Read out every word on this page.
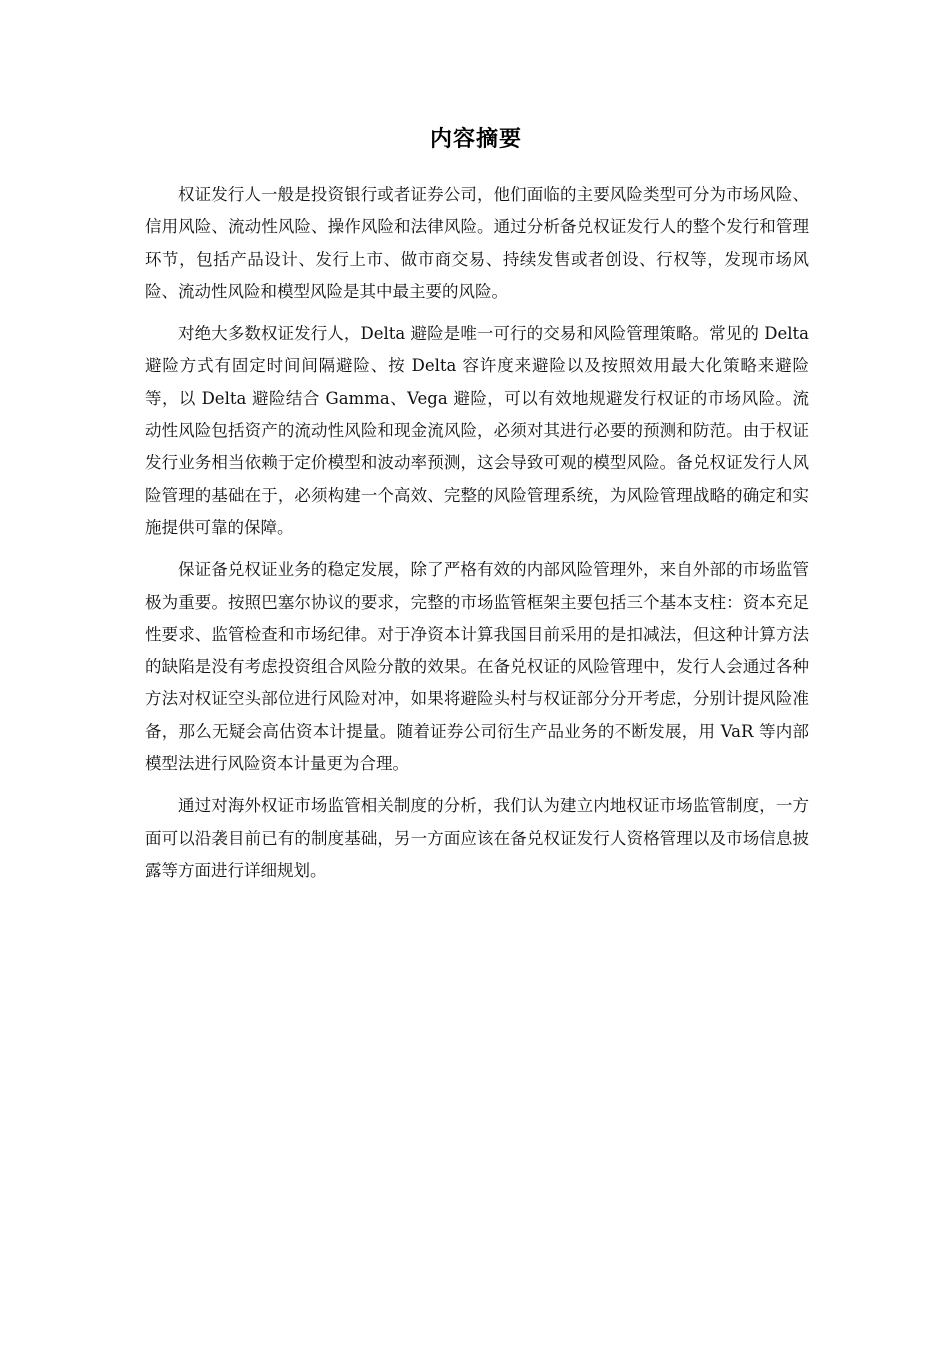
内容摘要

权证发行人一般是投资银行或者证券公司，他们面临的主要风险类型可分为市场风险、信用风险、流动性风险、操作风险和法律风险。通过分析备兑权证发行人的整个发行和管理环节，包括产品设计、发行上市、做市商交易、持续发售或者创设、行权等，发现市场风险、流动性风险和模型风险是其中最主要的风险。

对绝大多数权证发行人，Delta 避险是唯一可行的交易和风险管理策略。常见的 Delta 避险方式有固定时间间隔避险、按 Delta 容许度来避险以及按照效用最大化策略来避险等，以 Delta 避险结合 Gamma、Vega 避险，可以有效地规避发行权证的市场风险。流动性风险包括资产的流动性风险和现金流风险，必须对其进行必要的预测和防范。由于权证发行业务相当依赖于定价模型和波动率预测，这会导致可观的模型风险。备兑权证发行人风险管理的基础在于，必须构建一个高效、完整的风险管理系统，为风险管理战略的确定和实施提供可靠的保障。

保证备兑权证业务的稳定发展，除了严格有效的内部风险管理外，来自外部的市场监管极为重要。按照巴塞尔协议的要求，完整的市场监管框架主要包括三个基本支柱：资本充足性要求、监管检查和市场纪律。对于净资本计算我国目前采用的是扣减法，但这种计算方法的缺陷是没有考虑投资组合风险分散的效果。在备兑权证的风险管理中，发行人会通过各种方法对权证空头部位进行风险对冲，如果将避险头村与权证部分分开考虑，分别计提风险准备，那么无疑会高估资本计提量。随着证券公司衍生产品业务的不断发展，用 VaR 等内部模型法进行风险资本计量更为合理。

通过对海外权证市场监管相关制度的分析，我们认为建立内地权证市场监管制度，一方面可以沿袭目前已有的制度基础，另一方面应该在备兑权证发行人资格管理以及市场信息披露等方面进行详细规划。
